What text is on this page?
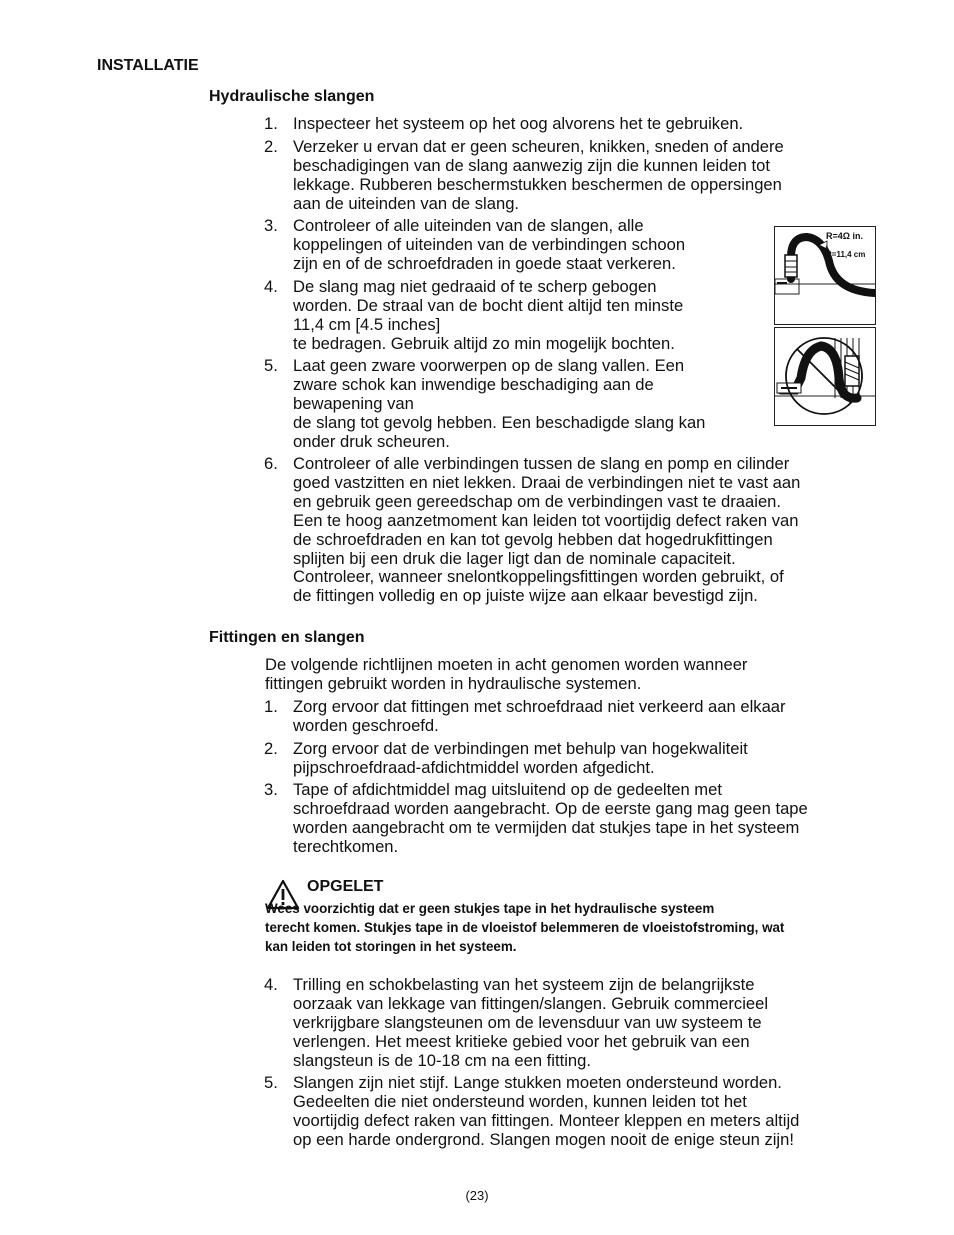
INSTALLATIE
Hydraulische slangen
1. Inspecteer het systeem op het oog alvorens het te gebruiken.
2. Verzeker u ervan dat er geen scheuren, knikken, sneden of andere
beschadigingen van de slang aanwezig zijn die kunnen leiden tot
lekkage. Rubberen beschermstukken beschermen de oppersingen
aan de uiteinden van de slang.
3. Controleer of alle uiteinden van de slangen, alle
koppelingen of uiteinden van de verbindingen schoon
zijn en of de schroefdraden in goede staat verkeren.
4. De slang mag niet gedraaid of te scherp gebogen
worden. De straal van de bocht dient altijd ten minste
11,4 cm [4.5 inches]
te bedragen. Gebruik altijd zo min mogelijk bochten.
5. Laat geen zware voorwerpen op de slang vallen. Een
zware schok kan inwendige beschadiging aan de
bewapening van
de slang tot gevolg hebben. Een beschadigde slang kan
onder druk scheuren.
6. Controleer of alle verbindingen tussen de slang en pomp en cilinder
goed vastzitten en niet lekken. Draai de verbindingen niet te vast aan
en gebruik geen gereedschap om de verbindingen vast te draaien.
Een te hoog aanzetmoment kan leiden tot voortijdig defect raken van
de schroefdraden en kan tot gevolg hebben dat hogedrukfittingen
splijten bij een druk die lager ligt dan de nominale capaciteit.
Controleer, wanneer snelontkoppelingsfittingen worden gebruikt, of
de fittingen volledig en op juiste wijze aan elkaar bevestigd zijn.
R=4Ω in.
R=11,4 cm
Fittingen en slangen
De volgende richtlijnen moeten in acht genomen worden wanneer
fittingen gebruikt worden in hydraulische systemen.
1. Zorg ervoor dat fittingen met schroefdraad niet verkeerd aan elkaar
worden geschroefd.
2. Zorg ervoor dat de verbindingen met behulp van hogekwaliteit
pijpschroefdraad-afdichtmiddel worden afgedicht.
3. Tape of afdichtmiddel mag uitsluitend op de gedeelten met
schroefdraad worden aangebracht. Op de eerste gang mag geen tape
worden aangebracht om te vermijden dat stukjes tape in het systeem
terechtkomen.
OPGELET
Wees voorzichtig dat er geen stukjes tape in het hydraulische systeem
terecht komen. Stukjes tape in de vloeistof belemmeren de vloeistofstroming, wat
kan leiden tot storingen in het systeem.
4. Trilling en schokbelasting van het systeem zijn de belangrijkste
oorzaak van lekkage van fittingen/slangen. Gebruik commercieel
verkrijgbare slangsteunen om de levensduur van uw systeem te
verlengen. Het meest kritieke gebied voor het gebruik van een
slangsteun is de 10-18 cm na een fitting.
5. Slangen zijn niet stijf. Lange stukken moeten ondersteund worden.
Gedeelten die niet ondersteund worden, kunnen leiden tot het
voortijdig defect raken van fittingen. Monteer kleppen en meters altijd
op een harde ondergrond. Slangen mogen nooit de enige steun zijn!
(23)
